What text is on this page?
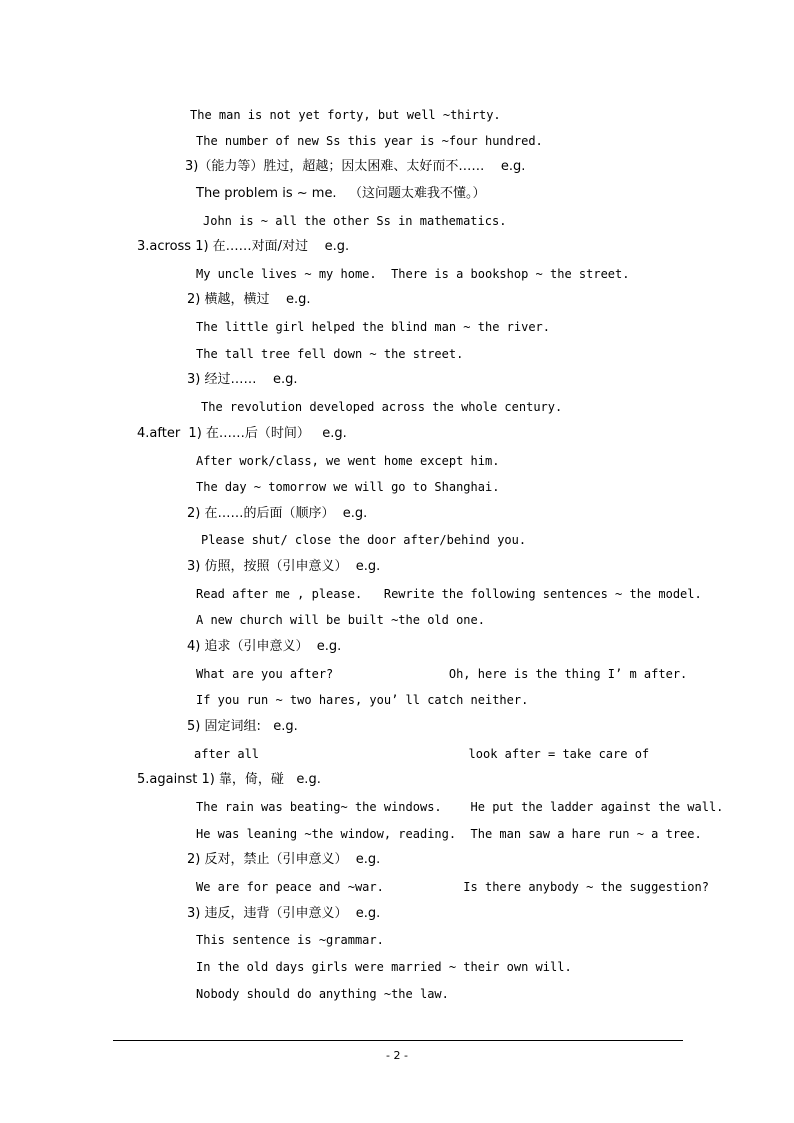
The man is not yet forty, but well ~thirty.
The number of new Ss this year is ~four hundred.
3)（能力等）胜过，超越；因太困难、太好而不……    e.g.
The problem is ~ me.   （这问题太难我不懂。）
John is ~ all the other Ss in mathematics.
3.across 1) 在……对面/对过    e.g.
My uncle lives ~ my home.  There is a bookshop ~ the street.
2) 横越，横过    e.g.
The little girl helped the blind man ~ the river.
The tall tree fell down ~ the street.
3) 经过……    e.g.
The revolution developed across the whole century.
4.after  1) 在……后（时间）   e.g.
After work/class, we went home except him.
The day ~ tomorrow we will go to Shanghai.
2) 在……的后面（顺序）  e.g.
Please shut/ close the door after/behind you.
3) 仿照，按照（引申意义）  e.g.
Read after me , please.   Rewrite the following sentences ~ the model.
A new church will be built ~the old one.
4) 追求（引申意义）  e.g.
What are you after?                Oh, here is the thing I’ m after.
If you run ~ two hares, you’ ll catch neither.
5) 固定词组:   e.g.
after all                             look after = take care of
5.against 1) 靠，倚，碰   e.g.
The rain was beating~ the windows.    He put the ladder against the wall.
He was leaning ~the window, reading.  The man saw a hare run ~ a tree.
2) 反对，禁止（引申意义）  e.g.
We are for peace and ~war.           Is there anybody ~ the suggestion?
3) 违反，违背（引申意义）  e.g.
This sentence is ~grammar.
In the old days girls were married ~ their own will.
Nobody should do anything ~the law.
- 2 -
